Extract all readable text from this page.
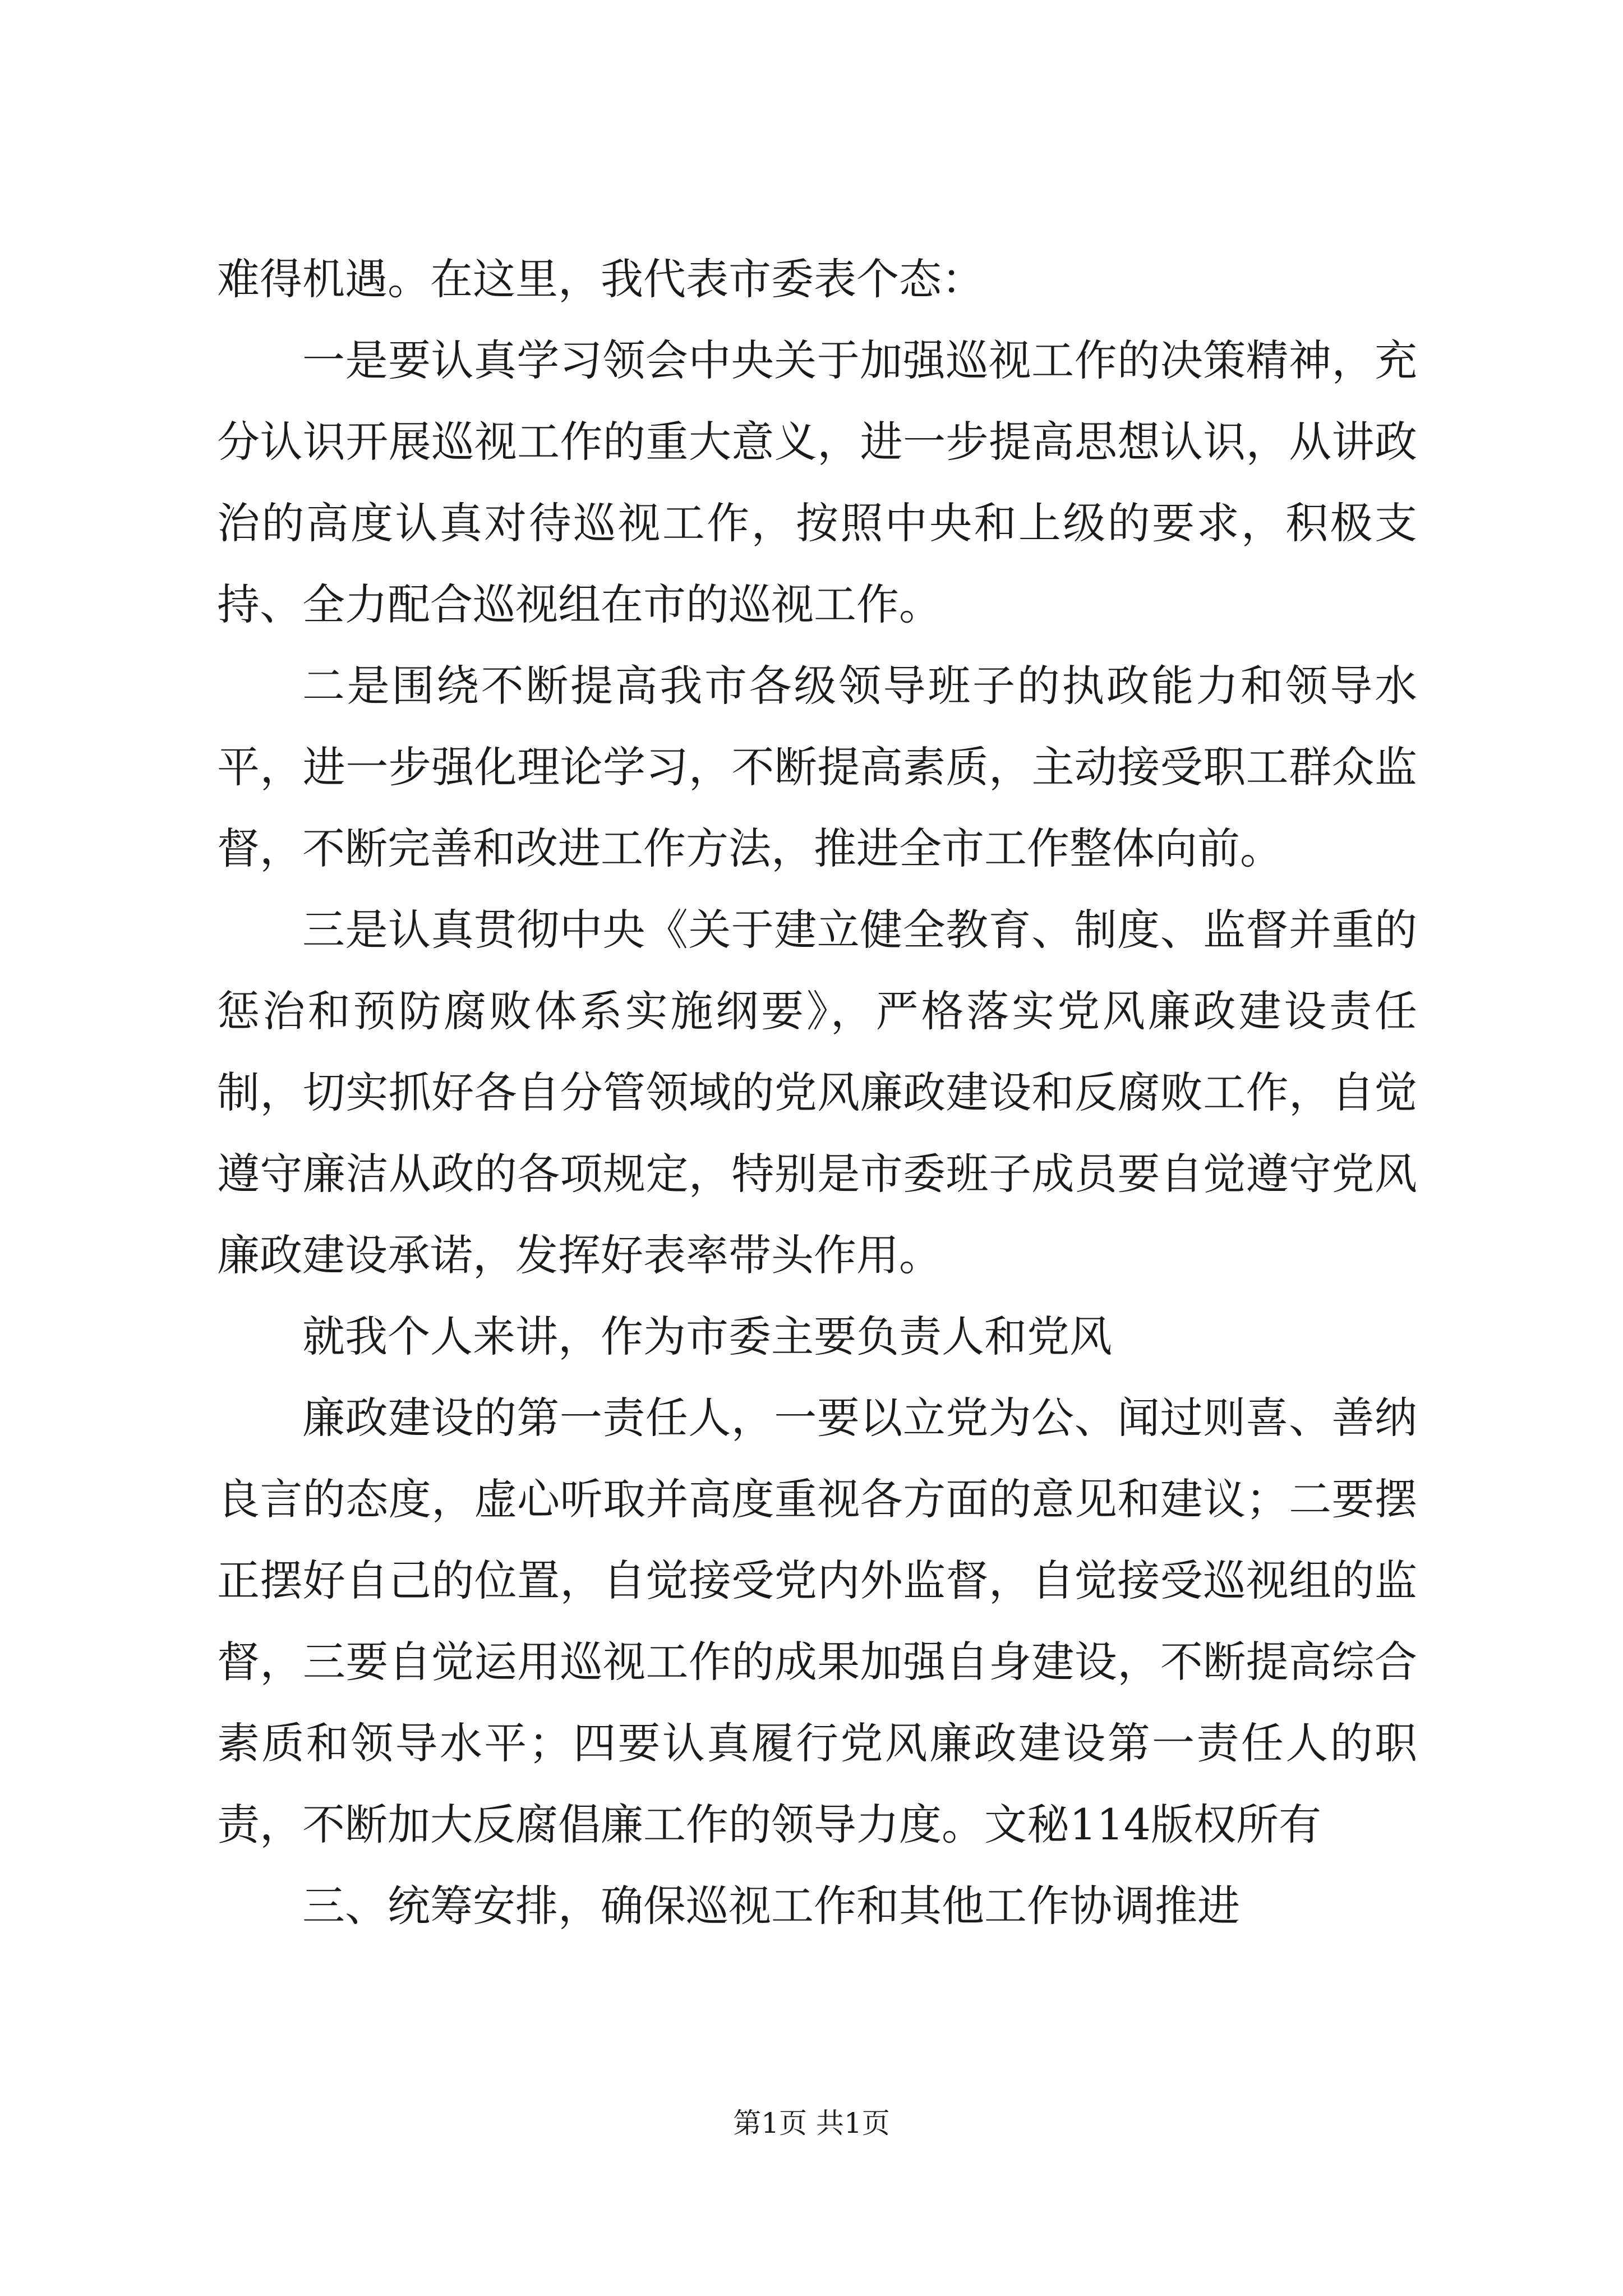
难得机遇。在这里，我代表市委表个态：

一是要认真学习领会中央关于加强巡视工作的决策精神，充分认识开展巡视工作的重大意义，进一步提高思想认识，从讲政治的高度认真对待巡视工作，按照中央和上级的要求，积极支持、全力配合巡视组在市的巡视工作。

二是围绕不断提高我市各级领导班子的执政能力和领导水平，进一步强化理论学习，不断提高素质，主动接受职工群众监督，不断完善和改进工作方法，推进全市工作整体向前。

三是认真贯彻中央《关于建立健全教育、制度、监督并重的惩治和预防腐败体系实施纲要》，严格落实党风廉政建设责任制，切实抓好各自分管领域的党风廉政建设和反腐败工作，自觉遵守廉洁从政的各项规定，特别是市委班子成员要自觉遵守党风廉政建设承诺，发挥好表率带头作用。

就我个人来讲，作为市委主要负责人和党风

廉政建设的第一责任人，一要以立党为公、闻过则喜、善纳良言的态度，虚心听取并高度重视各方面的意见和建议；二要摆正摆好自己的位置，自觉接受党内外监督，自觉接受巡视组的监督，三要自觉运用巡视工作的成果加强自身建设，不断提高综合素质和领导水平；四要认真履行党风廉政建设第一责任人的职责，不断加大反腐倡廉工作的领导力度。文秘114版权所有

三、统筹安排，确保巡视工作和其他工作协调推进

第1页 共1页
